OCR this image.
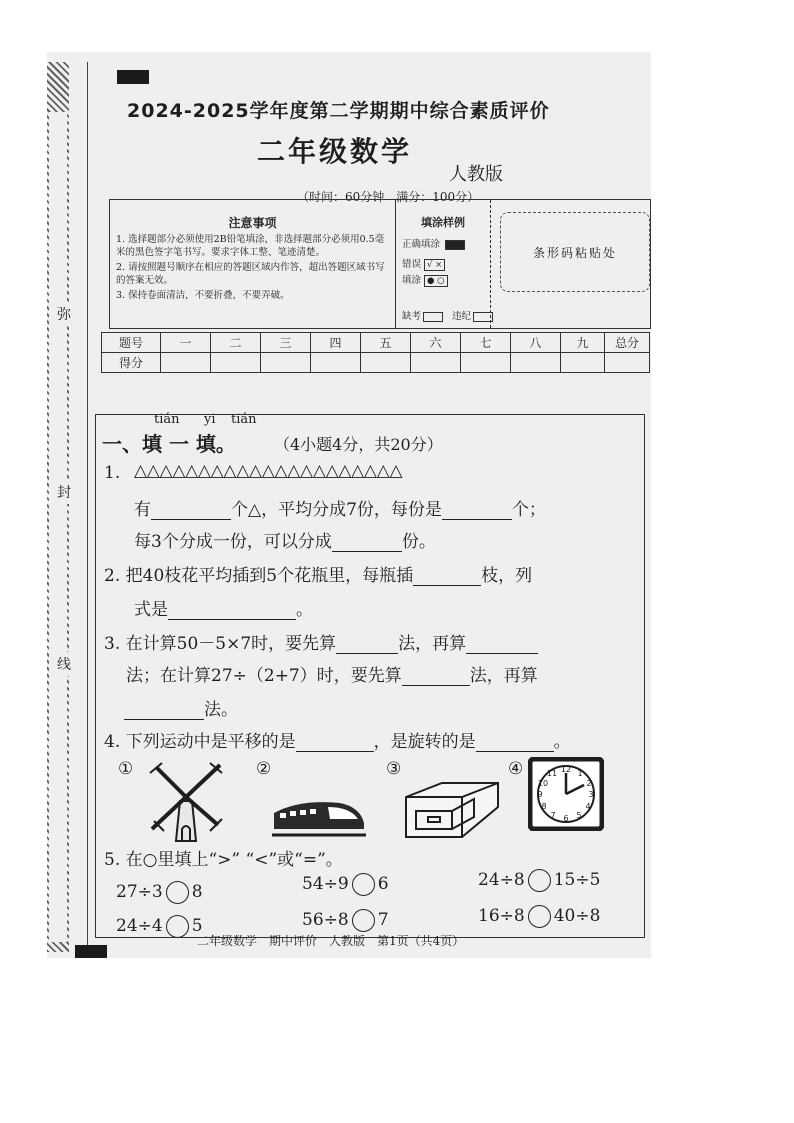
弥
封
线
2024-2025学年度第二学期期中综合素质评价
二年级数学
人教版
（时间：60分钟　满分：100分）
注意事项
1. 选择题部分必须使用2B铅笔填涂，非选择题部分必须用0.5毫米的黑色签字笔书写。要求字体工整、笔迹清楚。
2. 请按照题号顺序在相应的答题区域内作答，超出答题区域书写的答案无效。
3. 保持卷面清洁，不要折叠，不要弄破。
填涂样例
正确填涂
错误 √ ×
填涂 ● ○
缺考	违纪
条形码粘贴处
题号	一	二	三	四	五	六	七	八	九	总分
得分										
tián yi tián
一、填 一 填。 （4小题4分，共20分）
1. △△△△△△△△△△△△△△△△△△△△△
有	个△，平均分成7份，每份是	个；
每3个分成一份，可以分成	份。
2. 把40枝花平均插到5个花瓶里，每瓶插	枝，列
式是	。
3. 在计算50－5×7时，要先算	法，再算
法；在计算27÷（2+7）时，要先算	法，再算
法。
4. 下列运动中是平移的是	，是旋转的是	。
①	②	③	④	12 1
2
3
4
5
6
7
8
9
10
11
5. 在○里填上“>” “<”或“=”。
27÷3 8	54÷9 6	24÷8 15÷5
24÷4 5	56÷8 7	16÷8 40÷8
二年级数学　期中评价　人教版　第1页（共4页）
